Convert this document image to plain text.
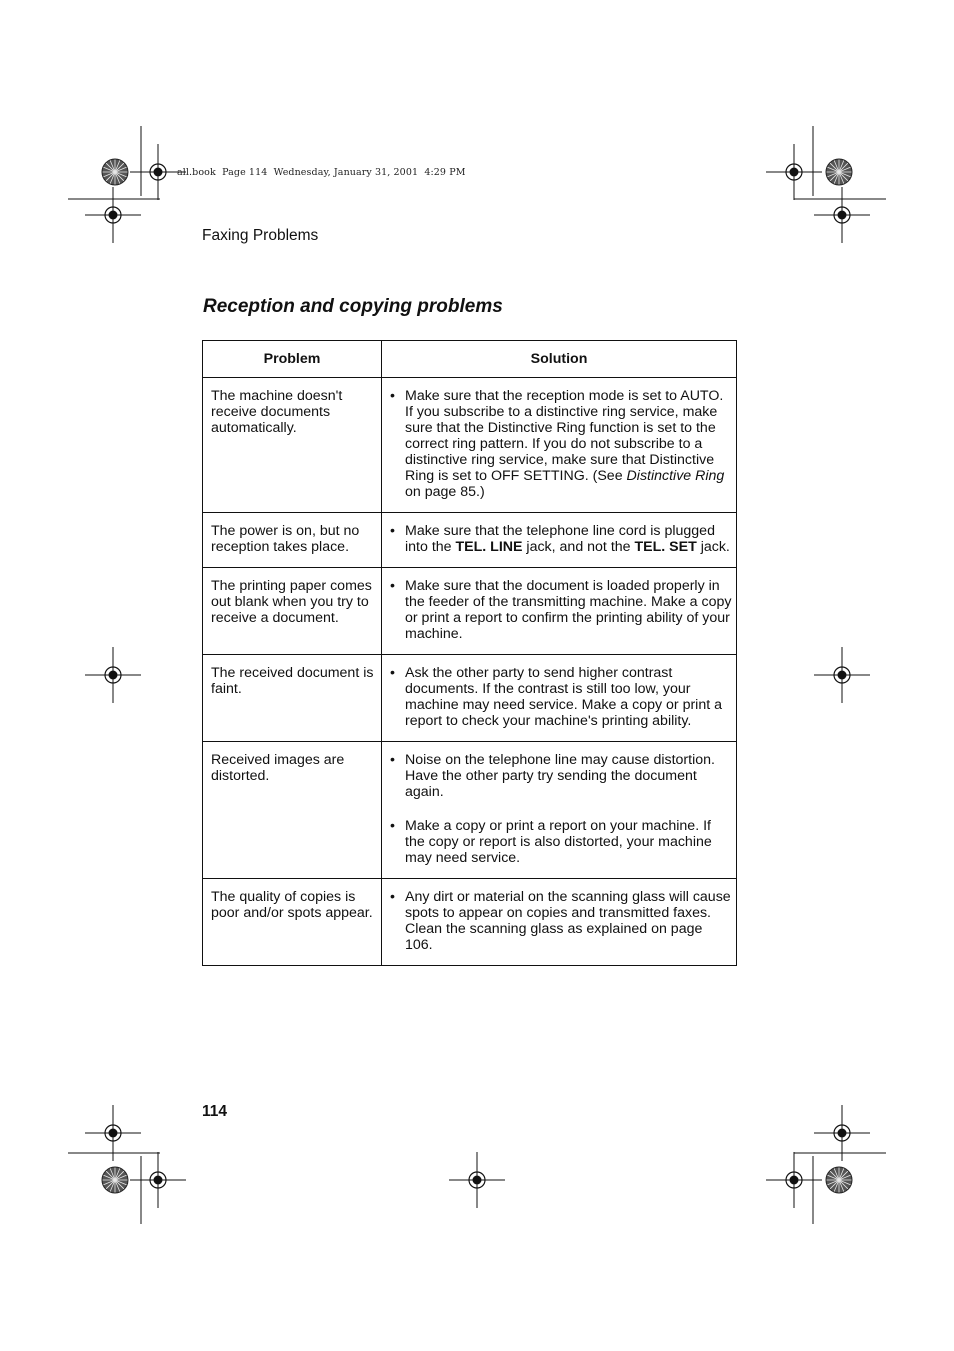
all.book  Page 114  Wednesday, January 31, 2001  4:29 PM
Faxing Problems
Reception and copying problems
Problem	Solution
The machine doesn't receive documents automatically.	• Make sure that the reception mode is set to AUTO. If you subscribe to a distinctive ring service, make sure that the Distinctive Ring function is set to the correct ring pattern. If you do not subscribe to a distinctive ring service, make sure that Distinctive Ring is set to OFF SETTING. (See Distinctive Ring on page 85.)

The power is on, but no reception takes place.	• Make sure that the telephone line cord is plugged into the TEL. LINE jack, and not the TEL. SET jack.

The printing paper comes out blank when you try to receive a document.	• Make sure that the document is loaded properly in the feeder of the transmitting machine. Make a copy or print a report to confirm the printing ability of your machine.

The received document is faint.	• Ask the other party to send higher contrast documents. If the contrast is still too low, your machine may need service. Make a copy or print a report to check your machine's printing ability.

Received images are distorted.	• Noise on the telephone line may cause distortion. Have the other party try sending the document again.
• Make a copy or print a report on your machine. If the copy or report is also distorted, your machine may need service.

The quality of copies is poor and/or spots appear.	• Any dirt or material on the scanning glass will cause spots to appear on copies and transmitted faxes. Clean the scanning glass as explained on page 106.
114
